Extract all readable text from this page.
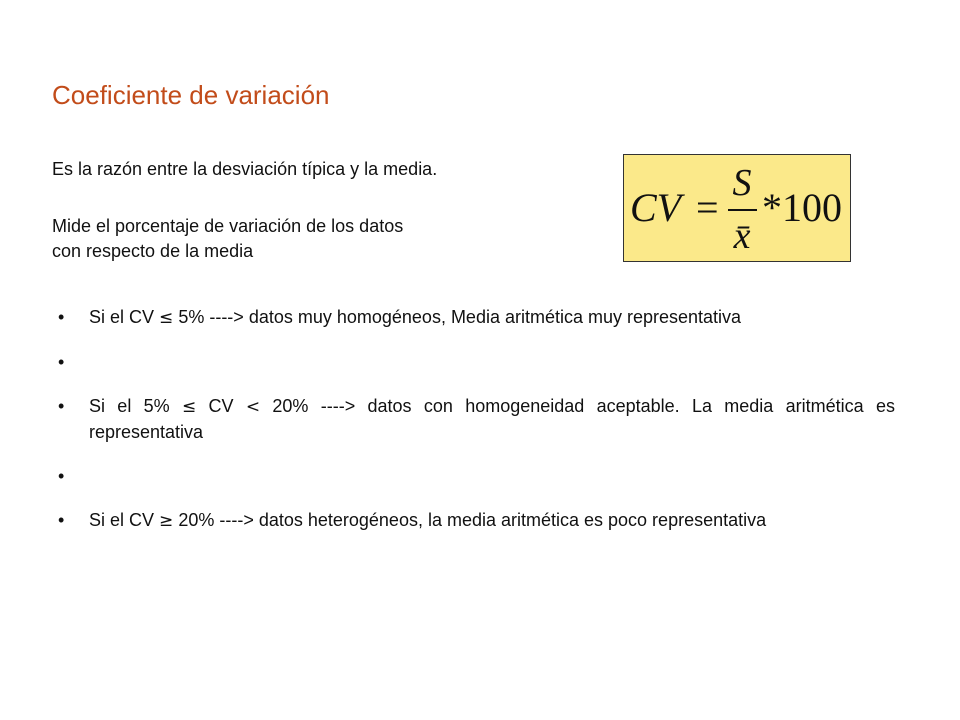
Coeficiente de variación
Es la razón entre la desviación típica y la media.
Mide el porcentaje de variación de los datos
con respecto de la media
CV =
S
x̄
*100
• Si el CV ≤ 5% ----> datos muy homogéneos, Media aritmética muy representativa
•
• Si el 5% ≤ CV < 20% ----> datos con homogeneidad aceptable. La media aritmética es representativa
•
• Si el CV ≥ 20% ----> datos heterogéneos, la media aritmética es poco representativa
